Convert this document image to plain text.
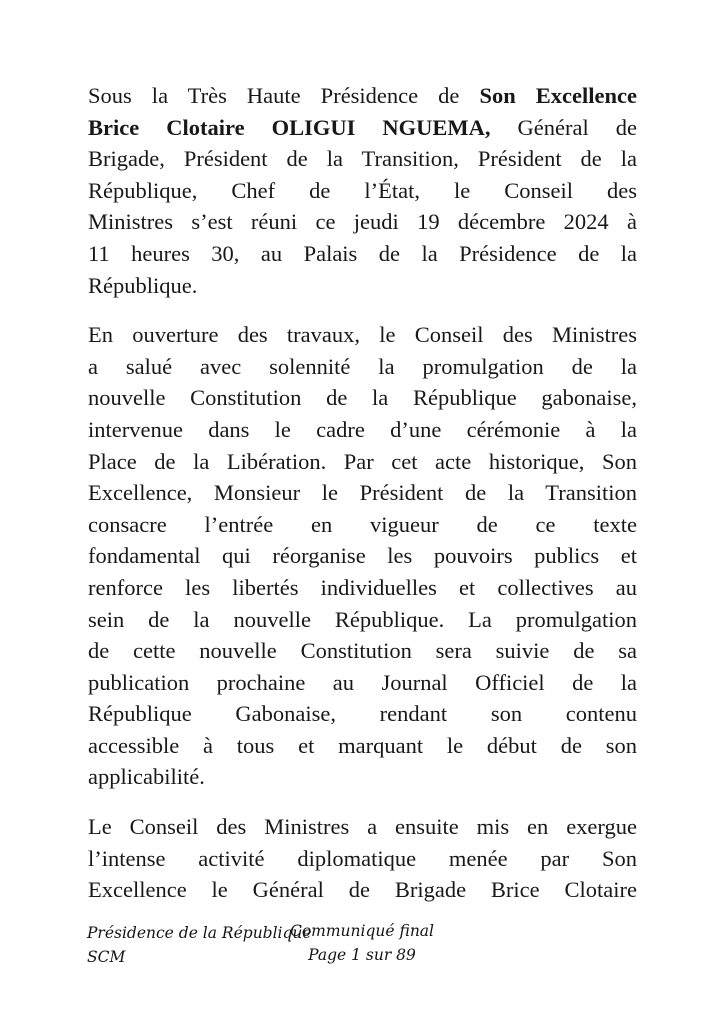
Sous la Très Haute Présidence de Son Excellence
Brice Clotaire OLIGUI NGUEMA, Général de
Brigade, Président de la Transition, Président de la
République, Chef de l’État, le Conseil des
Ministres s’est réuni ce jeudi 19 décembre 2024 à
11 heures 30, au Palais de la Présidence de la
République.
En ouverture des travaux, le Conseil des Ministres
a salué avec solennité la promulgation de la
nouvelle Constitution de la République gabonaise,
intervenue dans le cadre d’une cérémonie à la
Place de la Libération. Par cet acte historique, Son
Excellence, Monsieur le Président de la Transition
consacre l’entrée en vigueur de ce texte
fondamental qui réorganise les pouvoirs publics et
renforce les libertés individuelles et collectives au
sein de la nouvelle République. La promulgation
de cette nouvelle Constitution sera suivie de sa
publication prochaine au Journal Officiel de la
République Gabonaise, rendant son contenu
accessible à tous et marquant le début de son
applicabilité.
Le Conseil des Ministres a ensuite mis en exergue
l’intense activité diplomatique menée par Son
Excellence le Général de Brigade Brice Clotaire
Présidence de la République
SCM
Communiqué final
Page 1 sur 89
